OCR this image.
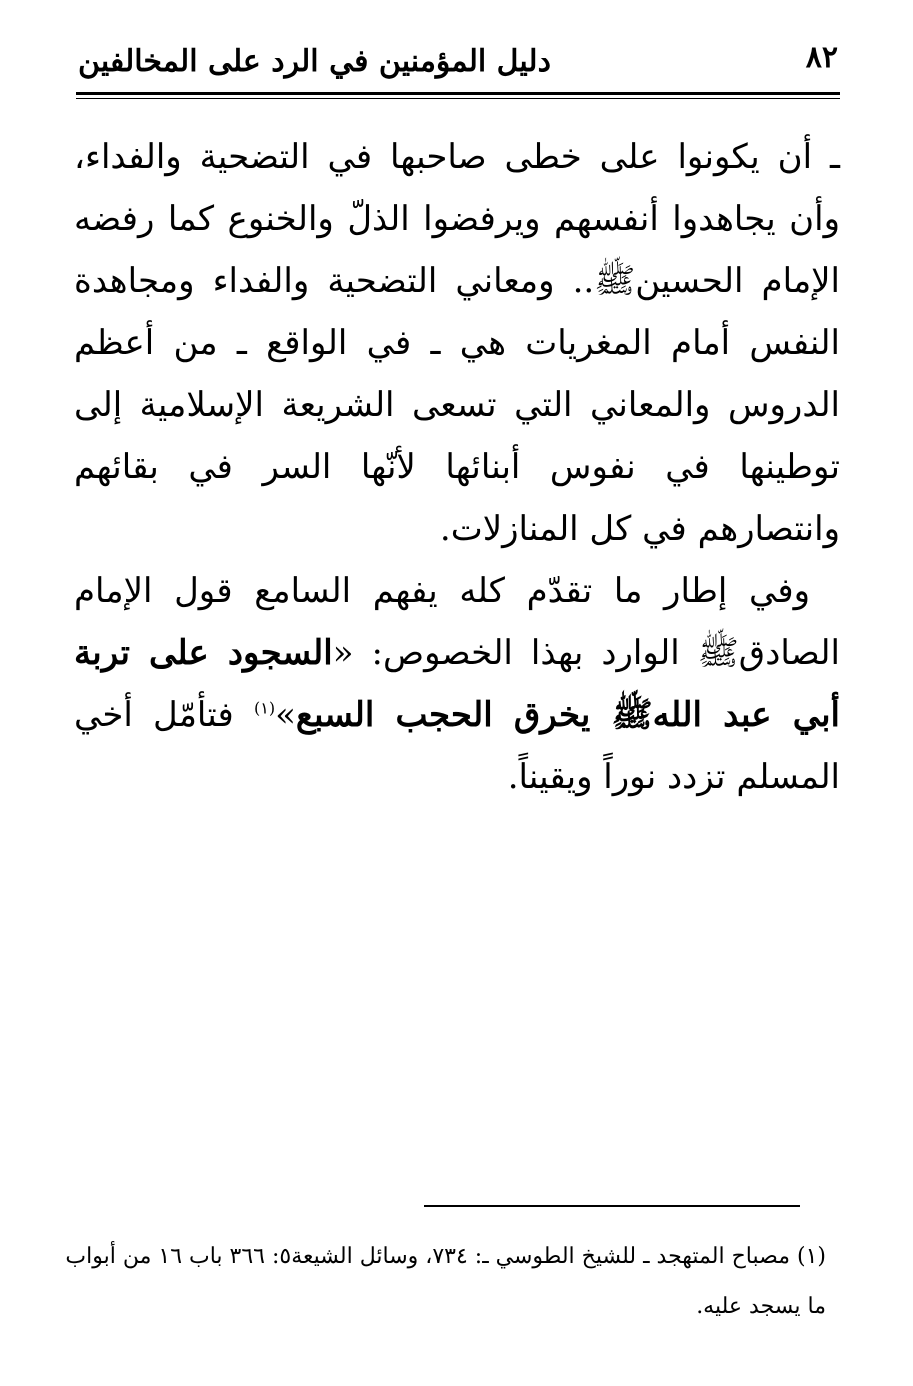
٨٢
دليل المؤمنين في الرد على المخالفين

ـ أن يكونوا على خطى صاحبها في التضحية والفداء، وأن يجاهدوا أنفسهم ويرفضوا الذلّ والخنوع كما رفضه الإمام الحسين‏ﷺ.. ومعاني التضحية والفداء ومجاهدة النفس أمام المغريات هي ـ في الواقع ـ من أعظم الدروس والمعاني التي تسعى الشريعة الإسلامية إلى توطينها في نفوس أبنائها لأنّها السر في بقائهم وانتصارهم في كل المنازلات.

وفي إطار ما تقدّم كله يفهم السامع قول الإمام الصادق‏ﷺ الوارد بهذا الخصوص: «السجود على تربة أبي عبد الله‏ﷺ يخرق الحجب السبع»$^{(١)}$ فتأمّل أخي المسلم تزدد نوراً ويقيناً.

(١) مصباح المتهجد ـ للشيخ الطوسي ـ: ٧٣٤، وسائل الشيعة٥: ٣٦٦ باب ١٦ من أبواب ما يسجد عليه.
